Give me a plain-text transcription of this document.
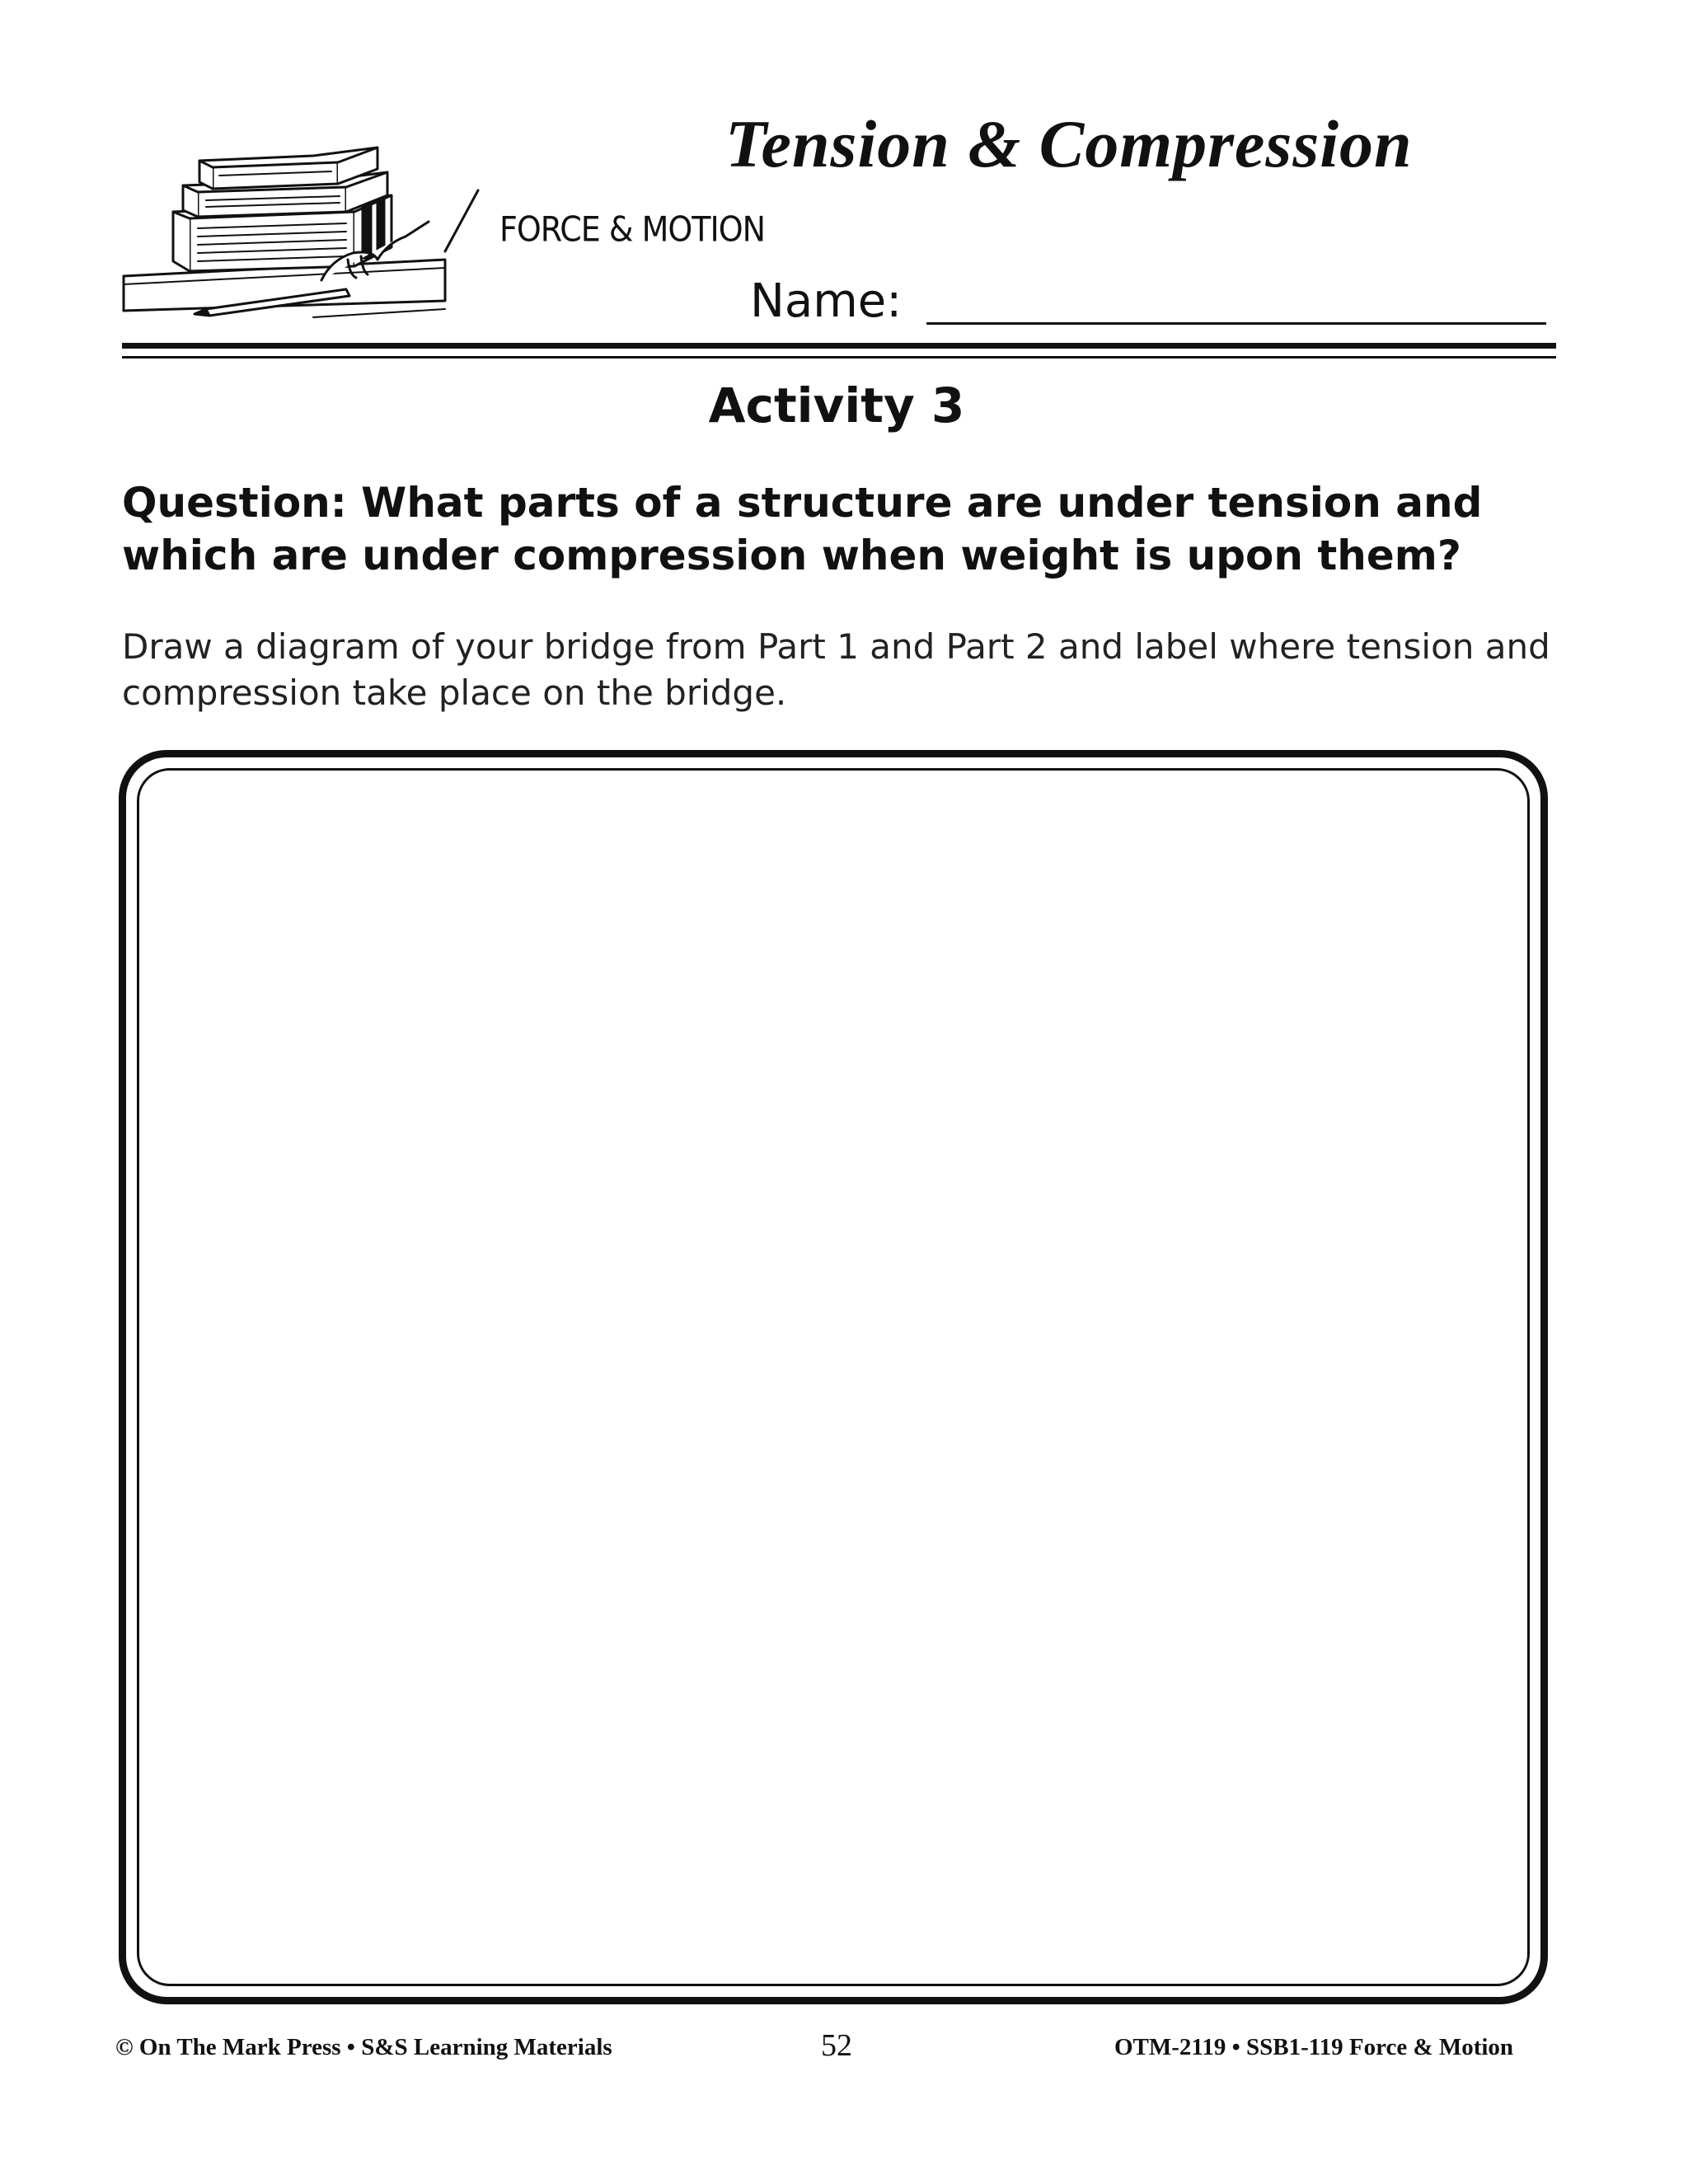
Tension & Compression
FORCE & MOTION
Name:
Activity 3
Question: What parts of a structure are under tension and which are under compression when weight is upon them?
Draw a diagram of your bridge from Part 1 and Part 2 and label where tension and compression take place on the bridge.
© On The Mark Press • S&S Learning Materials	52	OTM-2119 • SSB1-119 Force & Motion
